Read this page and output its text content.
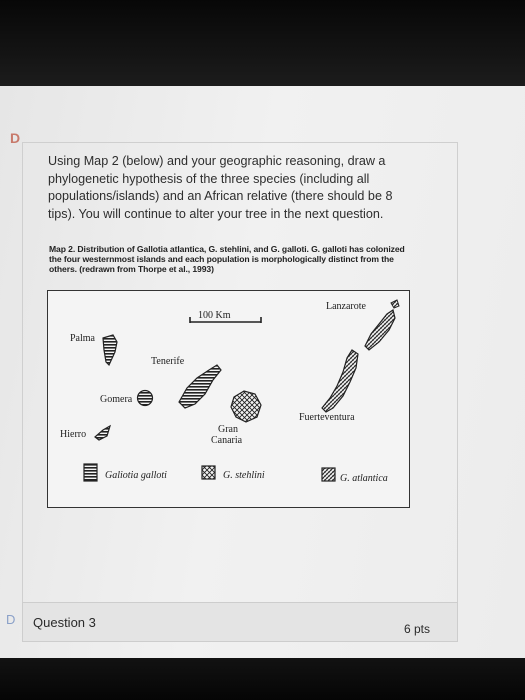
D
Using Map 2 (below) and your geographic reasoning, draw a phylogenetic hypothesis of the three species (including all populations/islands) and an African relative (there should be 8 tips). You will continue to alter your tree in the next question.
Map 2. Distribution of Gallotia atlantica, G. stehlini, and G. galloti. G. galloti has colonized the four westernmost islands and each population is morphologically distinct from the others. (redrawn from Thorpe et al., 1993)
100 Km
Palma
Tenerife
Gomera
Hierro	Gran
Canaria
Lanzarote
Fuerteventura
Galiotia galloti	G. stehlini	G. atlantica
D Question 3	6 pts
